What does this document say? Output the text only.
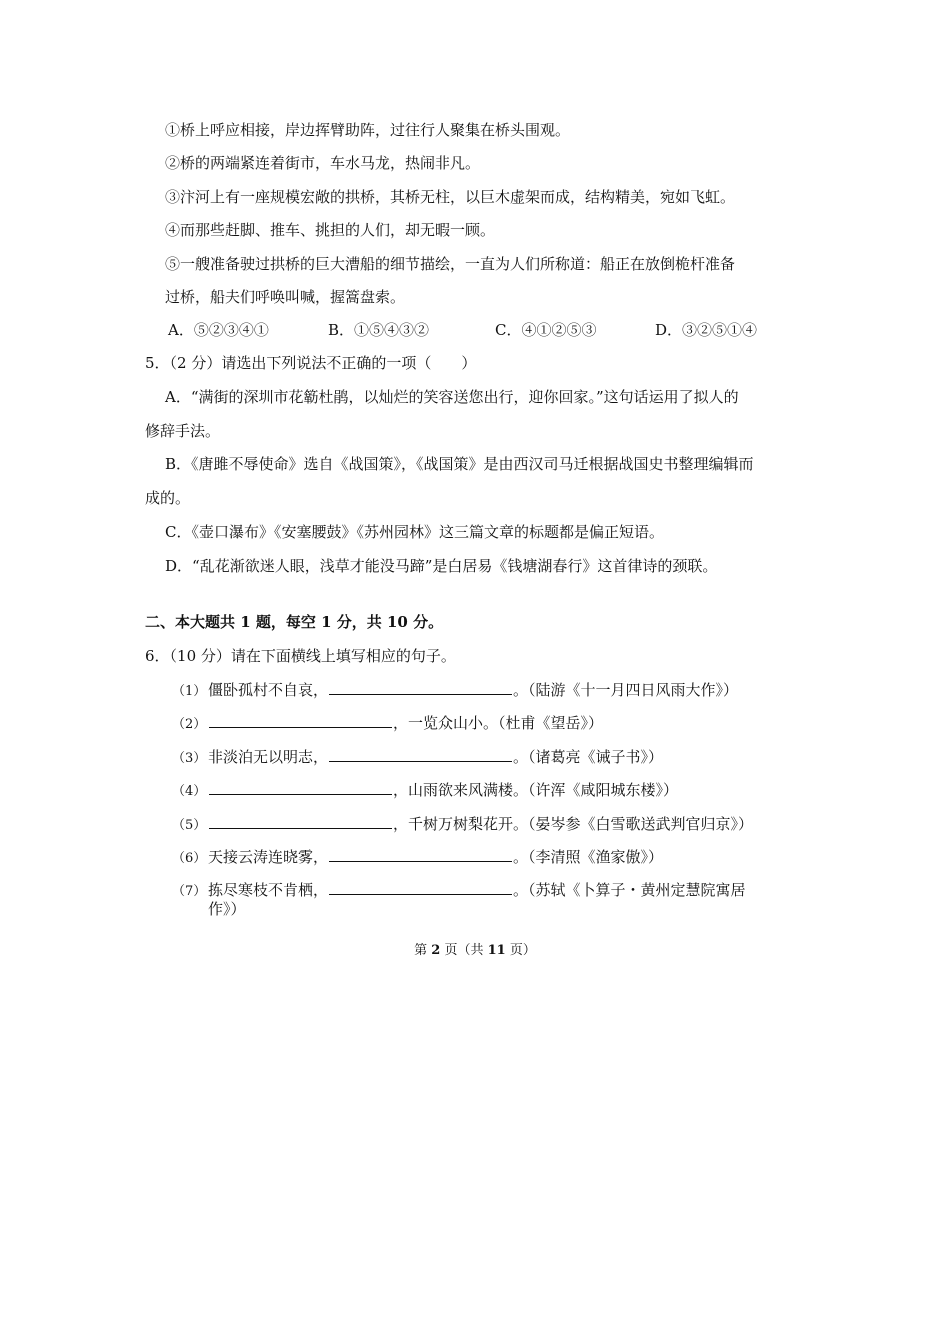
①桥上呼应相接，岸边挥臂助阵，过往行人聚集在桥头围观。
②桥的两端紧连着街市，车水马龙，热闹非凡。
③汴河上有一座规模宏敞的拱桥，其桥无柱，以巨木虚架而成，结构精美，宛如飞虹。
④而那些赶脚、推车、挑担的人们，却无暇一顾。
⑤一艘准备驶过拱桥的巨大漕船的细节描绘，一直为人们所称道：船正在放倒桅杆准备
过桥，船夫们呼唤叫喊，握篙盘索。
A．⑤②③④①	B．①⑤④③②	C．④①②⑤③	D．③②⑤①④
5．（2 分）请选出下列说法不正确的一项（　　）
A．“满街的深圳市花簕杜鹃，以灿烂的笑容送您出行，迎你回家。”这句话运用了拟人的
修辞手法。
B．《唐雎不辱使命》选自《战国策》，《战国策》是由西汉司马迁根据战国史书整理编辑而
成的。
C．《壶口瀑布》《安塞腰鼓》《苏州园林》这三篇文章的标题都是偏正短语。
D．“乱花渐欲迷人眼，浅草才能没马蹄”是白居易《钱塘湖春行》这首律诗的颈联。
二、本大题共 1 题，每空 1 分，共 10 分。
6．（10 分）请在下面横线上填写相应的句子。
（1） 僵卧孤村不自哀，	。（陆游《十一月四日风雨大作》）
（2）	，一览众山小。（杜甫《望岳》）
（3） 非淡泊无以明志，	。（诸葛亮《诫子书》）
（4）	，山雨欲来风满楼。（许浑《咸阳城东楼》）
（5）	，千树万树梨花开。（晏岑参《白雪歌送武判官归京》）
（6） 天接云涛连晓雾，	。（李清照《渔家傲》）
（7） 拣尽寒枝不肯栖，	。（苏轼《卜算子・黄州定慧院寓居
作》）
第 2 页（共 11 页）
